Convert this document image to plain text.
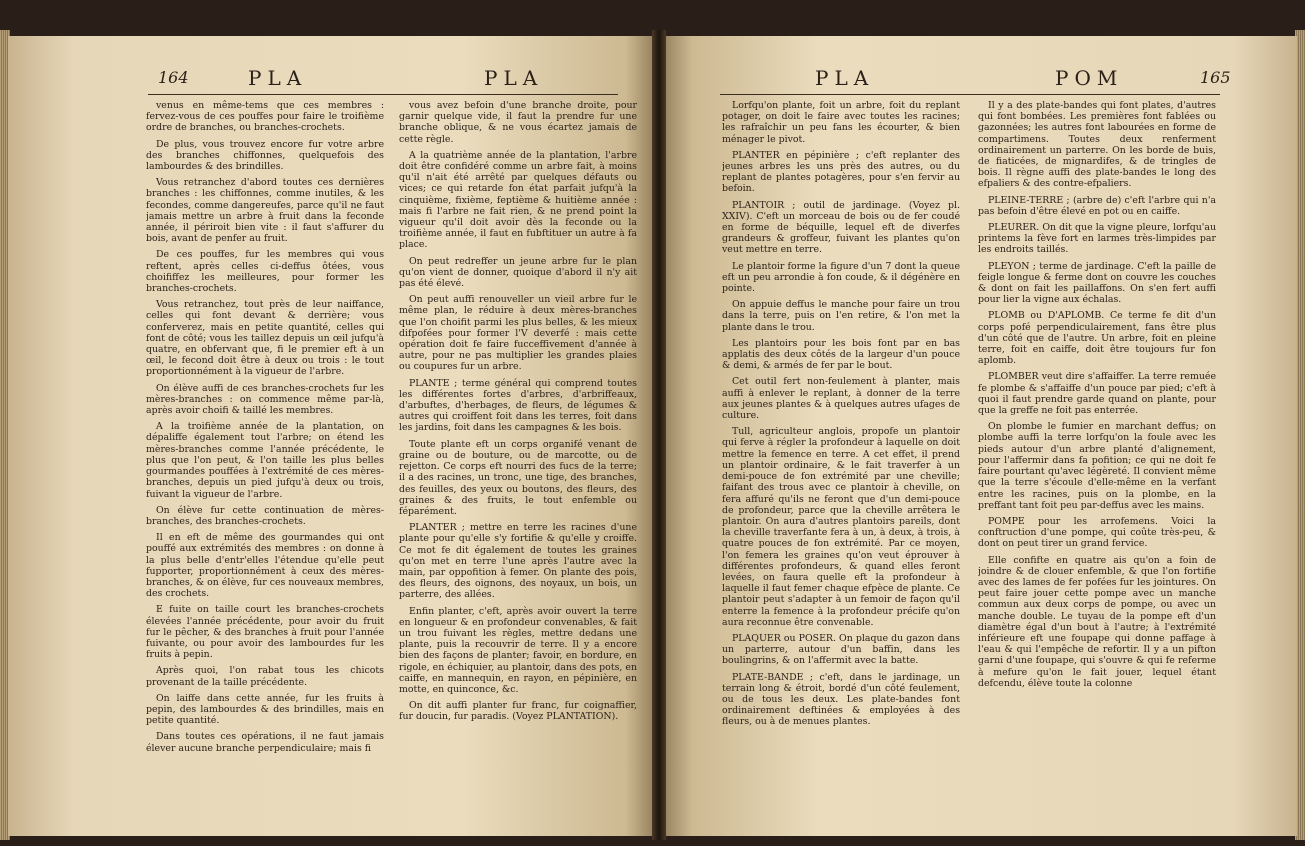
164	PLA	PLA

venus en même-tems que ces membres : fervez-vous de ces pouffes pour faire le troifième ordre de branches, ou branches-crochets.

De plus, vous trouvez encore fur votre arbre des branches chiffonnes, quelquefois des lambourdes & des brindilles.

Vous retranchez d'abord toutes ces dernières branches : les chiffonnes, comme inutiles, & les fecondes, comme dangereufes, parce qu'il ne faut jamais mettre un arbre à fruit dans la feconde année, il périroit bien vite : il faut s'affurer du bois, avant de penfer au fruit.

De ces pouffes, fur les membres qui vous reftent, après celles ci-deffus ôtées, vous choififfez les meilleures, pour former les branches-crochets.

Vous retranchez, tout près de leur naiffance, celles qui font devant & derrière; vous conferverez, mais en petite quantité, celles qui font de côté; vous les taillez depuis un œil jufqu'à quatre, en obfervant que, fi le premier eft à un œil, le fecond doit être à deux ou trois : le tout proportionnément à la vigueur de l'arbre.

On élève auffi de ces branches-crochets fur les mères-branches : on commence même par-là, après avoir choifi & taillé les membres.

A la troifième année de la plantation, on dépaliffe également tout l'arbre; on étend les mères-branches comme l'année précédente, le plus que l'on peut, & l'on taille les plus belles gourmandes pouffées à l'extrémité de ces mères-branches, depuis un pied jufqu'à deux ou trois, fuivant la vigueur de l'arbre.

On élève fur cette continuation de mères-branches, des branches-crochets.

Il en eft de même des gourmandes qui ont pouffé aux extrémités des membres : on donne à la plus belle d'entr'elles l'étendue qu'elle peut fupporter, proportionnément à ceux des mères-branches, & on élève, fur ces nouveaux membres, des crochets.

E fuite on taille court les branches-crochets élevées l'année précédente, pour avoir du fruit fur le pêcher, & des branches à fruit pour l'année fuivante, ou pour avoir des lambourdes fur les fruits à pepin.

Après quoi, l'on rabat tous les chicots provenant de la taille précédente.

On laiffe dans cette année, fur les fruits à pepin, des lambourdes & des brindilles, mais en petite quantité.

Dans toutes ces opérations, il ne faut jamais élever aucune branche perpendiculaire; mais fi

vous avez befoin d'une branche droite, pour garnir quelque vide, il faut la prendre fur une branche oblique, & ne vous écartez jamais de cette règle.

A la quatrième année de la plantation, l'arbre doit être confidéré comme un arbre fait, à moins qu'il n'ait été arrêté par quelques défauts ou vices; ce qui retarde fon état parfait jufqu'à la cinquième, fixième, feptième & huitième année : mais fi l'arbre ne fait rien, & ne prend point la vigueur qu'il doit avoir dès la feconde ou la troifième année, il faut en fubftituer un autre à fa place.

On peut redreffer un jeune arbre fur le plan qu'on vient de donner, quoique d'abord il n'y ait pas été élevé.

On peut auffi renouveller un vieil arbre fur le même plan, le réduire à deux mères-branches que l'on choifit parmi les plus belles, & les mieux difpofées pour former l'V deverfé : mais cette opération doit fe faire fucceffivement d'année à autre, pour ne pas multiplier les grandes plaies ou coupures fur un arbre.

PLANTE ; terme général qui comprend toutes les différentes fortes d'arbres, d'arbriffeaux, d'arbuftes, d'herbages, de fleurs, de légumes & autres qui croiffent foit dans les terres, foit dans les jardins, foit dans les campagnes & les bois.

Toute plante eft un corps organifé venant de graine ou de bouture, ou de marcotte, ou de rejetton. Ce corps eft nourri des fucs de la terre; il a des racines, un tronc, une tige, des branches, des feuilles, des yeux ou boutons, des fleurs, des graines & des fruits, le tout enfemble ou féparément.

PLANTER ; mettre en terre les racines d'une plante pour qu'elle s'y fortifie & qu'elle y croiffe. Ce mot fe dit également de toutes les graines qu'on met en terre l'une après l'autre avec la main, par oppofition à femer. On plante des pois, des fleurs, des oignons, des noyaux, un bois, un parterre, des allées.

Enfin planter, c'eft, après avoir ouvert la terre en longueur & en profondeur convenables, & fait un trou fuivant les règles, mettre dedans une plante, puis la recouvrir de terre. Il y a encore bien des façons de planter; favoir, en bordure, en rigole, en échiquier, au plantoir, dans des pots, en caiffe, en mannequin, en rayon, en pépinière, en motte, en quinconce, &c.

On dit auffi planter fur franc, fur coignaffier, fur doucin, fur paradis. (Voyez PLANTATION).

PLA	POM	165

Lorfqu'on plante, foit un arbre, foit du replant potager, on doit le faire avec toutes les racines; les rafraîchir un peu fans les écourter, & bien ménager le pivot.

PLANTER en pépinière ; c'eft replanter des jeunes arbres les uns près des autres, ou du replant de plantes potagères, pour s'en fervir au befoin.

PLANTOIR ; outil de jardinage. (Voyez pl. XXIV). C'eft un morceau de bois ou de fer coudé en forme de béquille, lequel eft de diverfes grandeurs & groffeur, fuivant les plantes qu'on veut mettre en terre.

Le plantoir forme la figure d'un 7 dont la queue eft un peu arrondie à fon coude, & il dégénère en pointe.

On appuie deffus le manche pour faire un trou dans la terre, puis on l'en retire, & l'on met la plante dans le trou.

Les plantoirs pour les bois font par en bas applatis des deux côtés de la largeur d'un pouce & demi, & armés de fer par le bout.

Cet outil fert non-feulement à planter, mais auffi à enlever le replant, à donner de la terre aux jeunes plantes & à quelques autres ufages de culture.

Tull, agriculteur anglois, propofe un plantoir qui ferve à régler la profondeur à laquelle on doit mettre la femence en terre. A cet effet, il prend un plantoir ordinaire, & le fait traverfer à un demi-pouce de fon extrémité par une cheville; faifant des trous avec ce plantoir à cheville, on fera affuré qu'ils ne feront que d'un demi-pouce de profondeur, parce que la cheville arrêtera le plantoir. On aura d'autres plantoirs pareils, dont la cheville traverfante fera à un, à deux, à trois, à quatre pouces de fon extrémité. Par ce moyen, l'on femera les graines qu'on veut éprouver à différentes profondeurs, & quand elles feront levées, on faura quelle eft la profondeur à laquelle il faut femer chaque efpèce de plante. Ce plantoir peut s'adapter à un femoir de façon qu'il enterre la femence à la profondeur précife qu'on aura reconnue être convenable.

PLAQUER ou POSER. On plaque du gazon dans un parterre, autour d'un baffin, dans les boulingrins, & on l'affermit avec la batte.

PLATE-BANDE ; c'eft, dans le jardinage, un terrain long & étroit, bordé d'un côté feulement, ou de tous les deux. Les plate-bandes font ordinairement deftinées & employées à des fleurs, ou à de menues plantes.

Il y a des plate-bandes qui font plates, d'autres qui font bombées. Les premières font fablées ou gazonnées; les autres font labourées en forme de compartimens. Toutes deux renferment ordinairement un parterre. On les borde de buis, de fiaticées, de mignardifes, & de tringles de bois. Il règne auffi des plate-bandes le long des efpaliers & des contre-efpaliers.

PLEINE-TERRE ; (arbre de) c'eft l'arbre qui n'a pas befoin d'être élevé en pot ou en caiffe.

PLEURER. On dit que la vigne pleure, lorfqu'au printems la fève fort en larmes très-limpides par les endroits taillés.

PLEYON ; terme de jardinage. C'eft la paille de feigle longue & ferme dont on couvre les couches & dont on fait les paillaffons. On s'en fert auffi pour lier la vigne aux échalas.

PLOMB ou D'APLOMB. Ce terme fe dit d'un corps pofé perpendiculairement, fans être plus d'un côté que de l'autre. Un arbre, foit en pleine terre, foit en caiffe, doit être toujours fur fon aplomb.

PLOMBER veut dire s'affaiffer. La terre remuée fe plombe & s'affaiffe d'un pouce par pied; c'eft à quoi il faut prendre garde quand on plante, pour que la greffe ne foit pas enterrée.

On plombe le fumier en marchant deffus; on plombe auffi la terre lorfqu'on la foule avec les pieds autour d'un arbre planté d'alignement, pour l'affermir dans fa pofition; ce qui ne doit fe faire pourtant qu'avec légèreté. Il convient même que la terre s'écoule d'elle-même en la verfant entre les racines, puis on la plombe, en la preffant tant foit peu par-deffus avec les mains.

POMPE pour les arrofemens. Voici la conftruction d'une pompe, qui coûte très-peu, & dont on peut tirer un grand fervice.

Elle confifte en quatre ais qu'on a foin de joindre & de clouer enfemble, & que l'on fortifie avec des lames de fer pofées fur les jointures. On peut faire jouer cette pompe avec un manche commun aux deux corps de pompe, ou avec un manche double. Le tuyau de la pompe eft d'un diamètre égal d'un bout à l'autre; à l'extrémité inférieure eft une foupape qui donne paffage à l'eau & qui l'empêche de refortir. Il y a un pifton garni d'une foupape, qui s'ouvre & qui fe referme à mefure qu'on le fait jouer, lequel étant defcendu, élève toute la colonne
